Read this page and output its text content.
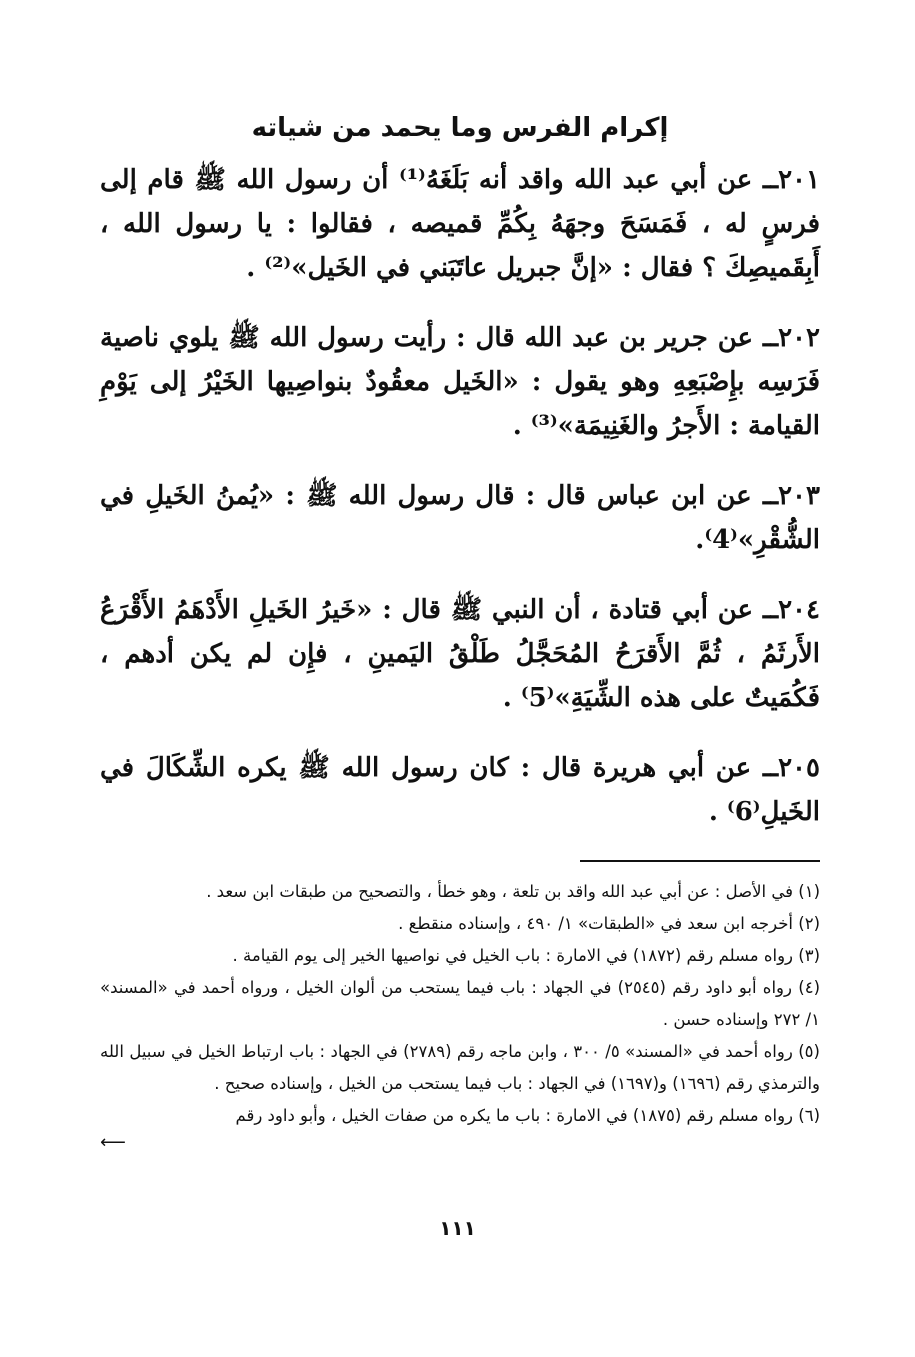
إكرام الفرس وما يحمد من شياته

٢٠١ــ عن أبي عبد الله واقد أنه بَلَغَهُ⁽¹⁾ أن رسول الله ﷺ قام إلى فرسٍ له ، فَمَسَحَ وجهَهُ بِكُمِّ قميصه ، فقالوا : يا رسول الله ، أَبِقَميصِكَ ؟ فقال : «إنَّ جبريل عاتَبَني في الخَيل»⁽²⁾ .

٢٠٢ــ عن جرير بن عبد الله قال : رأيت رسول الله ﷺ يلوي ناصية فَرَسِه بإِصْبَعِهِ وهو يقول : «الخَيل معقُودٌ بنواصِيها الخَيْرُ إلى يَوْمِ القيامة : الأَجرُ والغَنِيمَة»⁽³⁾ .

٢٠٣ــ عن ابن عباس قال : قال رسول الله ﷺ : «يُمنُ الخَيلِ في الشُّقْرِ»⁽4⁾.

٢٠٤ــ عن أبي قتادة ، أن النبي ﷺ قال : «خَيرُ الخَيلِ الأَدْهَمُ الأَقْرَعُ الأَرثَمُ ، ثُمَّ الأَقرَحُ المُحَجَّلُ طَلْقُ اليَمينِ ، فإِن لم يكن أدهم ، فَكُمَيتٌ على هذه الشِّيَةِ»⁽5⁾ .

٢٠٥ــ عن أبي هريرة قال : كان رسول الله ﷺ يكره الشِّكَالَ في الخَيلِ⁽6⁾ .

(١) في الأصل : عن أبي عبد الله واقد بن تلعة ، وهو خطأ ، والتصحيح من طبقات ابن سعد .

(٢) أخرجه ابن سعد في «الطبقات» ١/ ٤٩٠ ، وإسناده منقطع .

(٣) رواه مسلم رقم (١٨٧٢) في الامارة : باب الخيل في نواصيها الخير إلى يوم القيامة .

(٤) رواه أبو داود رقم (٢٥٤٥) في الجهاد : باب فيما يستحب من ألوان الخيل ، ورواه أحمد في «المسند» ١/ ٢٧٢ وإسناده حسن .

(٥) رواه أحمد في «المسند» ٥/ ٣٠٠ ، وابن ماجه رقم (٢٧٨٩) في الجهاد : باب ارتباط الخيل في سبيل الله والترمذي رقم (١٦٩٦) و(١٦٩٧) في الجهاد : باب فيما يستحب من الخيل ، وإسناده صحيح .

(٦) رواه مسلم رقم (١٨٧٥) في الامارة : باب ما يكره من صفات الخيل ، وأبو داود رقم

⟵
١١١
